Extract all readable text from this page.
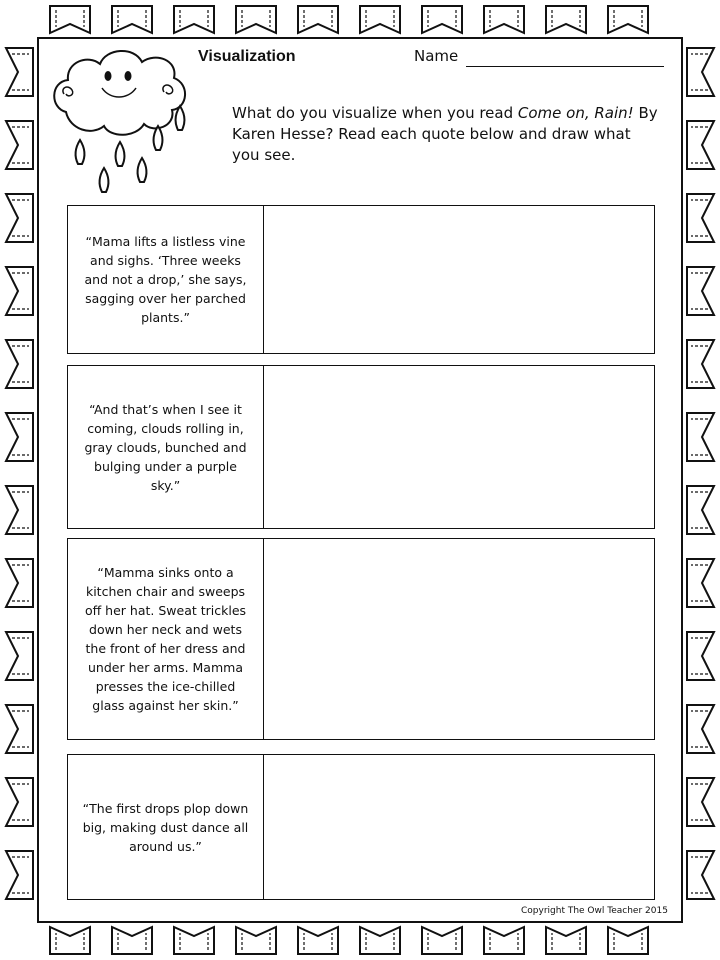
Visualization	Name
What do you visualize when you read Come on, Rain! By Karen Hesse? Read each quote below and draw what you see.
“Mama lifts a listless vine and sighs. ‘Three weeks and not a drop,’ she says, sagging over her parched plants.”
“And that’s when I see it coming, clouds rolling in, gray clouds, bunched and bulging under a purple sky.”
“Mamma sinks onto a kitchen chair and sweeps off her hat. Sweat trickles down her neck and wets the front of her dress and under her arms. Mamma presses the ice-chilled glass against her skin.”
“The first drops plop down big, making dust dance all around us.”
Copyright The Owl Teacher 2015
